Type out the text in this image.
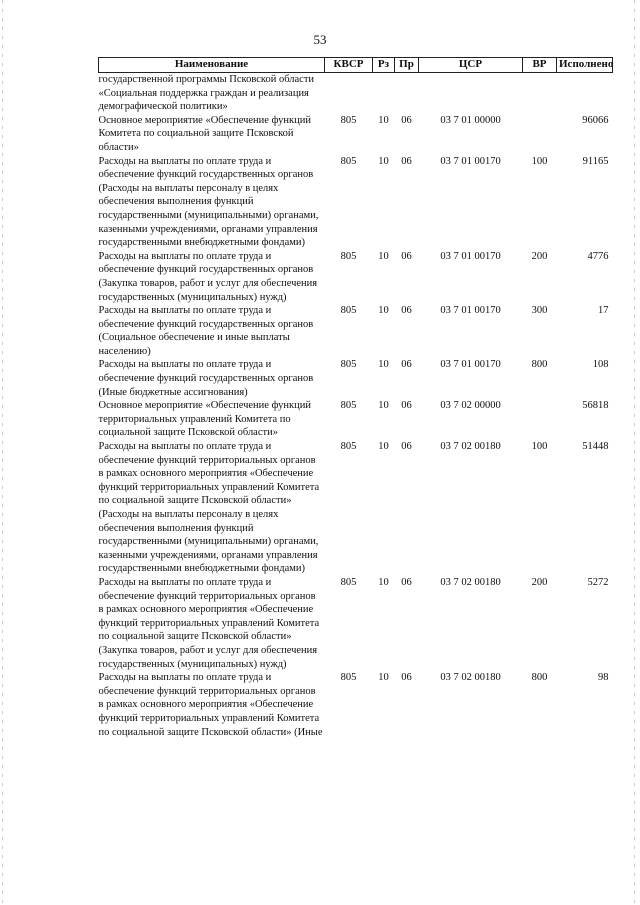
53
Наименование	КВСР	Рз	Пр	ЦСР	ВР	Исполнено
государственной программы Псковской области «Социальная поддержка граждан и реализация демографической политики»						
Основное мероприятие «Обеспечение функций Комитета по социальной защите Псковской области»	805	10	06	03 7 01 00000		96066
Расходы на выплаты по оплате труда и обеспечение функций государственных органов (Расходы на выплаты персоналу в целях обеспечения выполнения функций государственными (муниципальными) органами, казенными учреждениями, органами управления государственными внебюджетными фондами)	805	10	06	03 7 01 00170	100	91165
Расходы на выплаты по оплате труда и обеспечение функций государственных органов (Закупка товаров, работ и услуг для обеспечения государственных (муниципальных) нужд)	805	10	06	03 7 01 00170	200	4776
Расходы на выплаты по оплате труда и обеспечение функций государственных органов (Социальное обеспечение и иные выплаты населению)	805	10	06	03 7 01 00170	300	17
Расходы на выплаты по оплате труда и обеспечение функций государственных органов (Иные бюджетные ассигнования)	805	10	06	03 7 01 00170	800	108
Основное мероприятие «Обеспечение функций территориальных управлений Комитета по социальной защите Псковской области»	805	10	06	03 7 02 00000		56818
Расходы на выплаты по оплате труда и обеспечение функций территориальных органов в рамках основного мероприятия «Обеспечение функций территориальных управлений Комитета по социальной защите Псковской области» (Расходы на выплаты персоналу в целях обеспечения выполнения функций государственными (муниципальными) органами, казенными учреждениями, органами управления государственными внебюджетными фондами)	805	10	06	03 7 02 00180	100	51448
Расходы на выплаты по оплате труда и обеспечение функций территориальных органов в рамках основного мероприятия «Обеспечение функций территориальных управлений Комитета по социальной защите Псковской области» (Закупка товаров, работ и услуг для обеспечения государственных (муниципальных) нужд)	805	10	06	03 7 02 00180	200	5272
Расходы на выплаты по оплате труда и обеспечение функций территориальных органов в рамках основного мероприятия «Обеспечение функций территориальных управлений Комитета по социальной защите Псковской области» (Иные	805	10	06	03 7 02 00180	800	98
